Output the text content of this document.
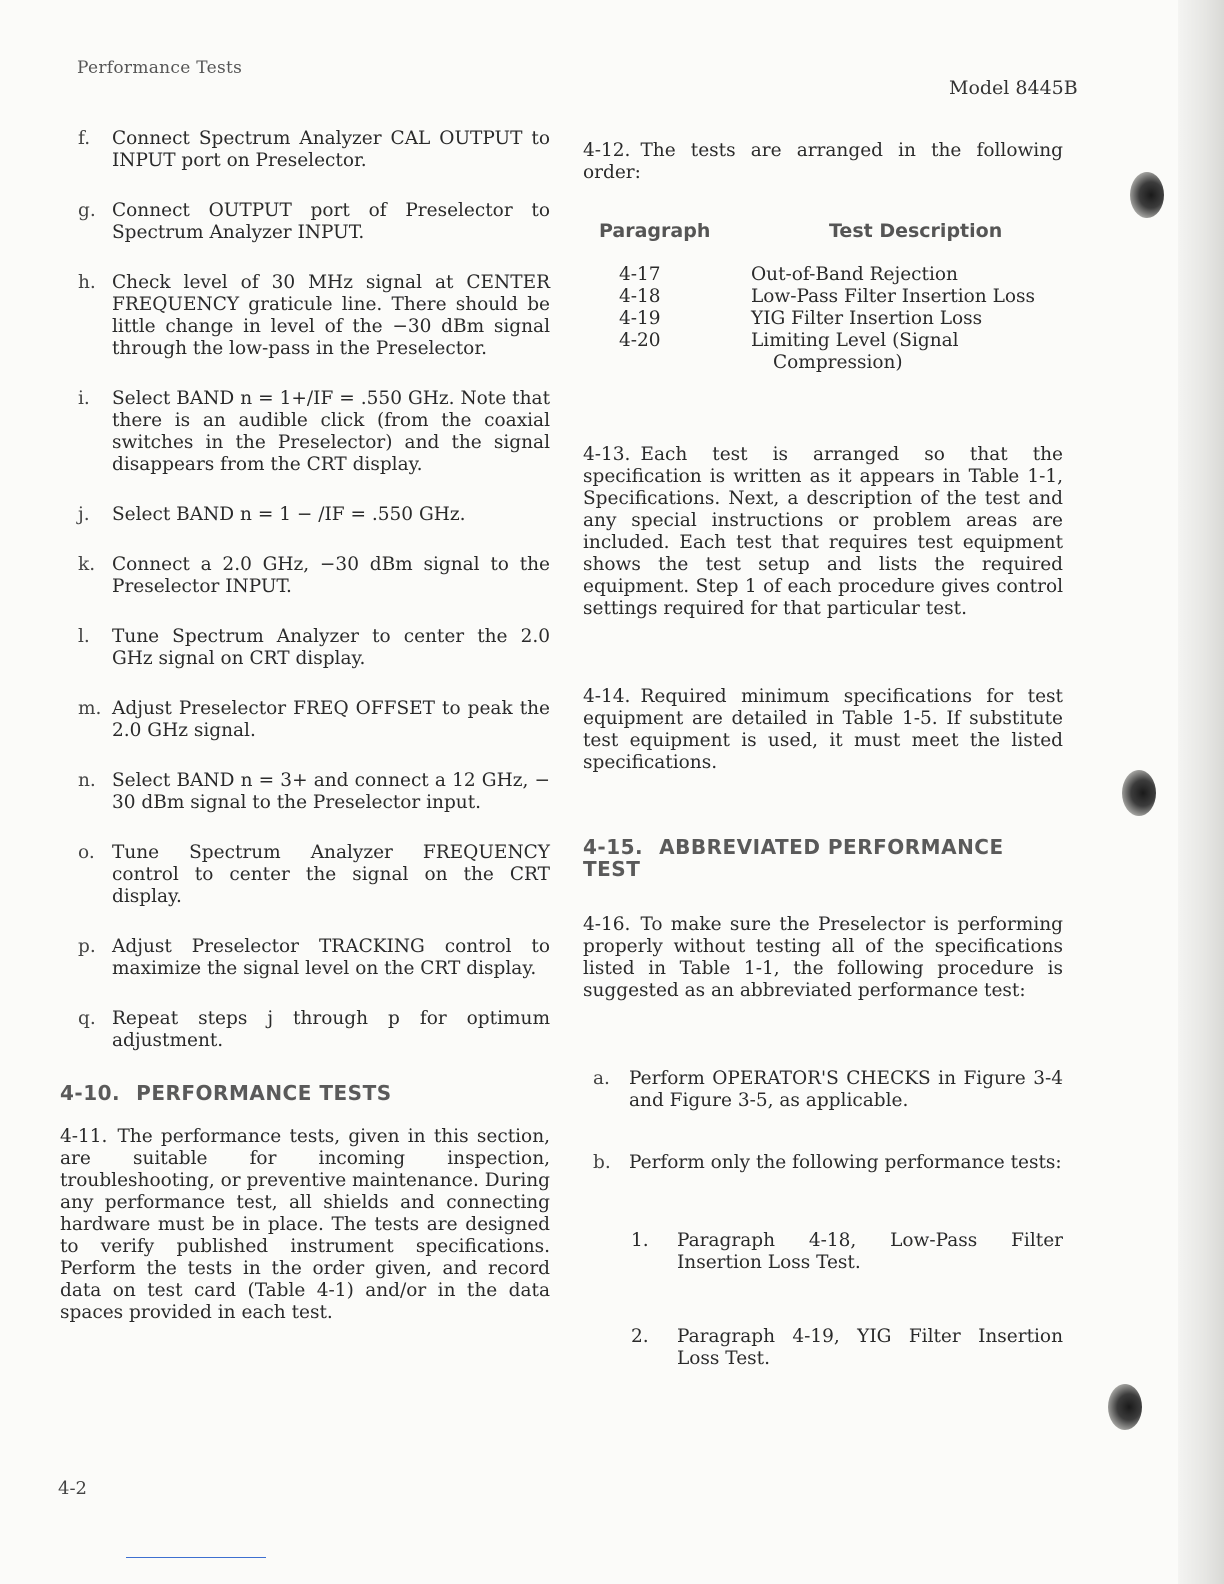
Performance Tests
Model 8445B
f.	Connect Spectrum Analyzer CAL OUTPUT to INPUT port on Preselector.
g. Connect OUTPUT port of Preselector to Spectrum Analyzer INPUT.
h. Check level of 30 MHz signal at CENTER FREQUENCY graticule line. There should be little change in level of the −30 dBm signal through the low-pass in the Preselector.
i.	Select BAND n = 1+/IF = .550 GHz. Note that there is an audible click (from the coaxial switches in the Preselector) and the signal disappears from the CRT display.
j.	Select BAND n = 1 − /IF = .550 GHz.
k. Connect a 2.0 GHz, −30 dBm signal to the Preselector INPUT.
l.	Tune Spectrum Analyzer to center the 2.0 GHz signal on CRT display.
m. Adjust Preselector FREQ OFFSET to peak the 2.0 GHz signal.
n. Select BAND n = 3+ and connect a 12 GHz, − 30 dBm signal to the Preselector input.
o. Tune Spectrum Analyzer FREQUENCY control to center the signal on the CRT display.
p. Adjust Preselector TRACKING control to maximize the signal level on the CRT display.
q. Repeat steps j through p for optimum adjustment.
4-10. PERFORMANCE TESTS
4-11. The performance tests, given in this section, are suitable for incoming inspection, troubleshooting, or preventive maintenance. During any performance test, all shields and connecting hardware must be in place. The tests are designed to verify published instrument specifications. Perform the tests in the order given, and record data on test card (Table 4-1) and/or in the data spaces provided in each test.
4-12. The tests are arranged in the following order:
Paragraph	Test Description
4-17	Out-of-Band Rejection
4-18	Low-Pass Filter Insertion Loss
4-19	YIG Filter Insertion Loss
4-20	Limiting Level (Signal
Compression)
4-13. Each test is arranged so that the specification is written as it appears in Table 1-1, Specifications. Next, a description of the test and any special instructions or problem areas are included. Each test that requires test equipment shows the test setup and lists the required equipment. Step 1 of each procedure gives control settings required for that particular test.
4-14. Required minimum specifications for test equipment are detailed in Table 1-5. If substitute test equipment is used, it must meet the listed specifications.
4-15. ABBREVIATED PERFORMANCE TEST
4-16. To make sure the Preselector is performing properly without testing all of the specifications listed in Table 1-1, the following procedure is suggested as an abbreviated performance test:
a.	Perform OPERATOR'S CHECKS in Figure 3-4 and Figure 3-5, as applicable.
b. Perform only the following performance tests:
1.	Paragraph 4-18, Low-Pass Filter Insertion Loss Test.
2.	Paragraph 4-19, YIG Filter Insertion Loss Test.
4-2
